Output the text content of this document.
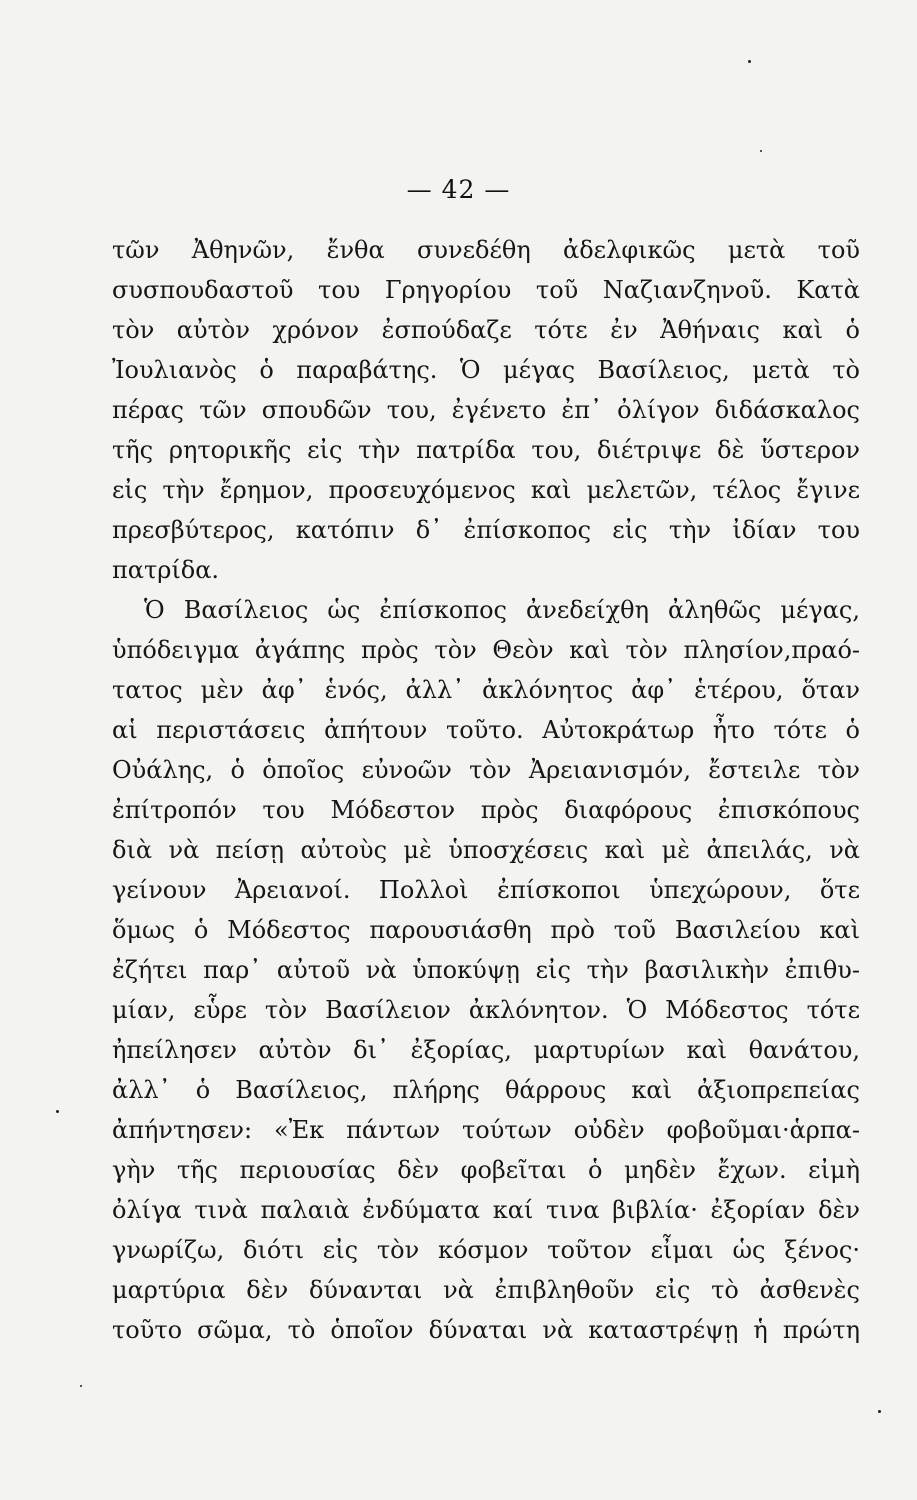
— 42 —
τῶν Ἀθηνῶν, ἔνθα συνεδέθη ἀδελφικῶς μετὰ τοῦ
συσπουδαστοῦ του Γρηγορίου τοῦ Ναζιανζηνοῦ. Κατὰ
τὸν αὐτὸν χρόνον ἐσπούδαζε τότε ἐν Ἀθήναις καὶ ὁ
Ἰουλιανὸς ὁ παραβάτης. Ὁ μέγας Βασίλειος, μετὰ τὸ
πέρας τῶν σπουδῶν του, ἐγένετο ἐπ᾽ ὀλίγον διδάσκαλος
τῆς ρητορικῆς εἰς τὴν πατρίδα του, διέτριψε δὲ ὕστερον
εἰς τὴν ἔρημον, προσευχόμενος καὶ μελετῶν, τέλος ἔγινε
πρεσβύτερος, κατόπιν δ᾽ ἐπίσκοπος εἰς τὴν ἰδίαν του
πατρίδα.
Ὁ Βασίλειος ὡς ἐπίσκοπος ἀνεδείχθη ἀληθῶς μέγας,
ὑπόδειγμα ἀγάπης πρὸς τὸν Θεὸν καὶ τὸν πλησίον,πραό-
τατος μὲν ἀφ᾽ ἑνός, ἀλλ᾽ ἀκλόνητος ἀφ᾽ ἑτέρου, ὅταν
αἱ περιστάσεις ἀπήτουν τοῦτο. Αὐτοκράτωρ ἦτο τότε ὁ
Οὐάλης, ὁ ὁποῖος εὐνοῶν τὸν Ἀρειανισμόν, ἔστειλε τὸν
ἐπίτροπόν του Μόδεστον πρὸς διαφόρους ἐπισκόπους
διὰ νὰ πείσῃ αὐτοὺς μὲ ὑποσχέσεις καὶ μὲ ἀπειλάς, νὰ
γείνουν Ἀρειανοί. Πολλοὶ ἐπίσκοποι ὑπεχώρουν, ὅτε
ὅμως ὁ Μόδεστος παρουσιάσθη πρὸ τοῦ Βασιλείου καὶ
ἐζήτει παρ᾽ αὐτοῦ νὰ ὑποκύψῃ εἰς τὴν βασιλικὴν ἐπιθυ-
μίαν, εὗρε τὸν Βασίλειον ἀκλόνητον. Ὁ Μόδεστος τότε
ἠπείλησεν αὐτὸν δι᾽ ἐξορίας, μαρτυρίων καὶ θανάτου,
ἀλλ᾽ ὁ Βασίλειος, πλήρης θάρρους καὶ ἀξιοπρεπείας
ἀπήντησεν: «Ἐκ πάντων τούτων οὐδὲν φοβοῦμαι·ἁρπα-
γὴν τῆς περιουσίας δὲν φοβεῖται ὁ μηδὲν ἔχων. εἰμὴ
ὀλίγα τινὰ παλαιὰ ἐνδύματα καί τινα βιβλία· ἐξορίαν δὲν
γνωρίζω, διότι εἰς τὸν κόσμον τοῦτον εἶμαι ὡς ξένος·
μαρτύρια δὲν δύνανται νὰ ἐπιβληθοῦν εἰς τὸ ἀσθενὲς
τοῦτο σῶμα, τὸ ὁποῖον δύναται νὰ καταστρέψῃ ἡ πρώτη
